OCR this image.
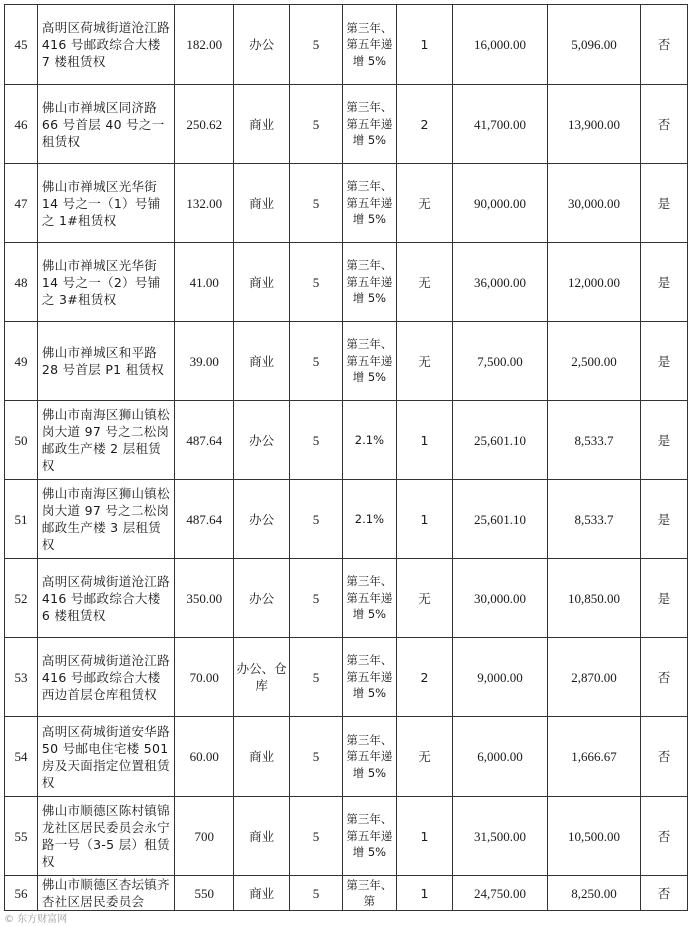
45	高明区荷城街道沧江路 416 号邮政综合大楼 7 楼租赁权	182.00	办公	5	第三年、第五年递增 5%	1	16,000.00	5,096.00	否
46	佛山市禅城区同济路 66 号首层 40 号之一租赁权	250.62	商业	5	第三年、第五年递增 5%	2	41,700.00	13,900.00	否
47	佛山市禅城区光华街 14 号之一（1）号铺之 1#租赁权	132.00	商业	5	第三年、第五年递增 5%	无	90,000.00	30,000.00	是
48	佛山市禅城区光华街 14 号之一（2）号铺之 3#租赁权	41.00	商业	5	第三年、第五年递增 5%	无	36,000.00	12,000.00	是
49	佛山市禅城区和平路 28 号首层 P1 租赁权	39.00	商业	5	第三年、第五年递增 5%	无	7,500.00	2,500.00	是
50	佛山市南海区狮山镇松岗大道 97 号之二松岗邮政生产楼 2 层租赁权	487.64	办公	5	2.1%	1	25,601.10	8,533.7	是
51	佛山市南海区狮山镇松岗大道 97 号之二松岗邮政生产楼 3 层租赁权	487.64	办公	5	2.1%	1	25,601.10	8,533.7	是
52	高明区荷城街道沧江路 416 号邮政综合大楼 6 楼租赁权	350.00	办公	5	第三年、第五年递增 5%	无	30,000.00	10,850.00	是
53	高明区荷城街道沧江路 416 号邮政综合大楼西边首层仓库租赁权	70.00	办公、仓库	5	第三年、第五年递增 5%	2	9,000.00	2,870.00	否
54	高明区荷城街道安华路 50 号邮电住宅楼 501 房及天面指定位置租赁权	60.00	商业	5	第三年、第五年递增 5%	无	6,000.00	1,666.67	否
55	佛山市顺德区陈村镇锦龙社区居民委员会永宁路一号（3-5 层）租赁权	700	商业	5	第三年、第五年递增 5%	1	31,500.00	10,500.00	否
56	佛山市顺德区杏坛镇齐杏社区居民委员会	550	商业	5	第三年、第	1	24,750.00	8,250.00	否
© 东方财富网
